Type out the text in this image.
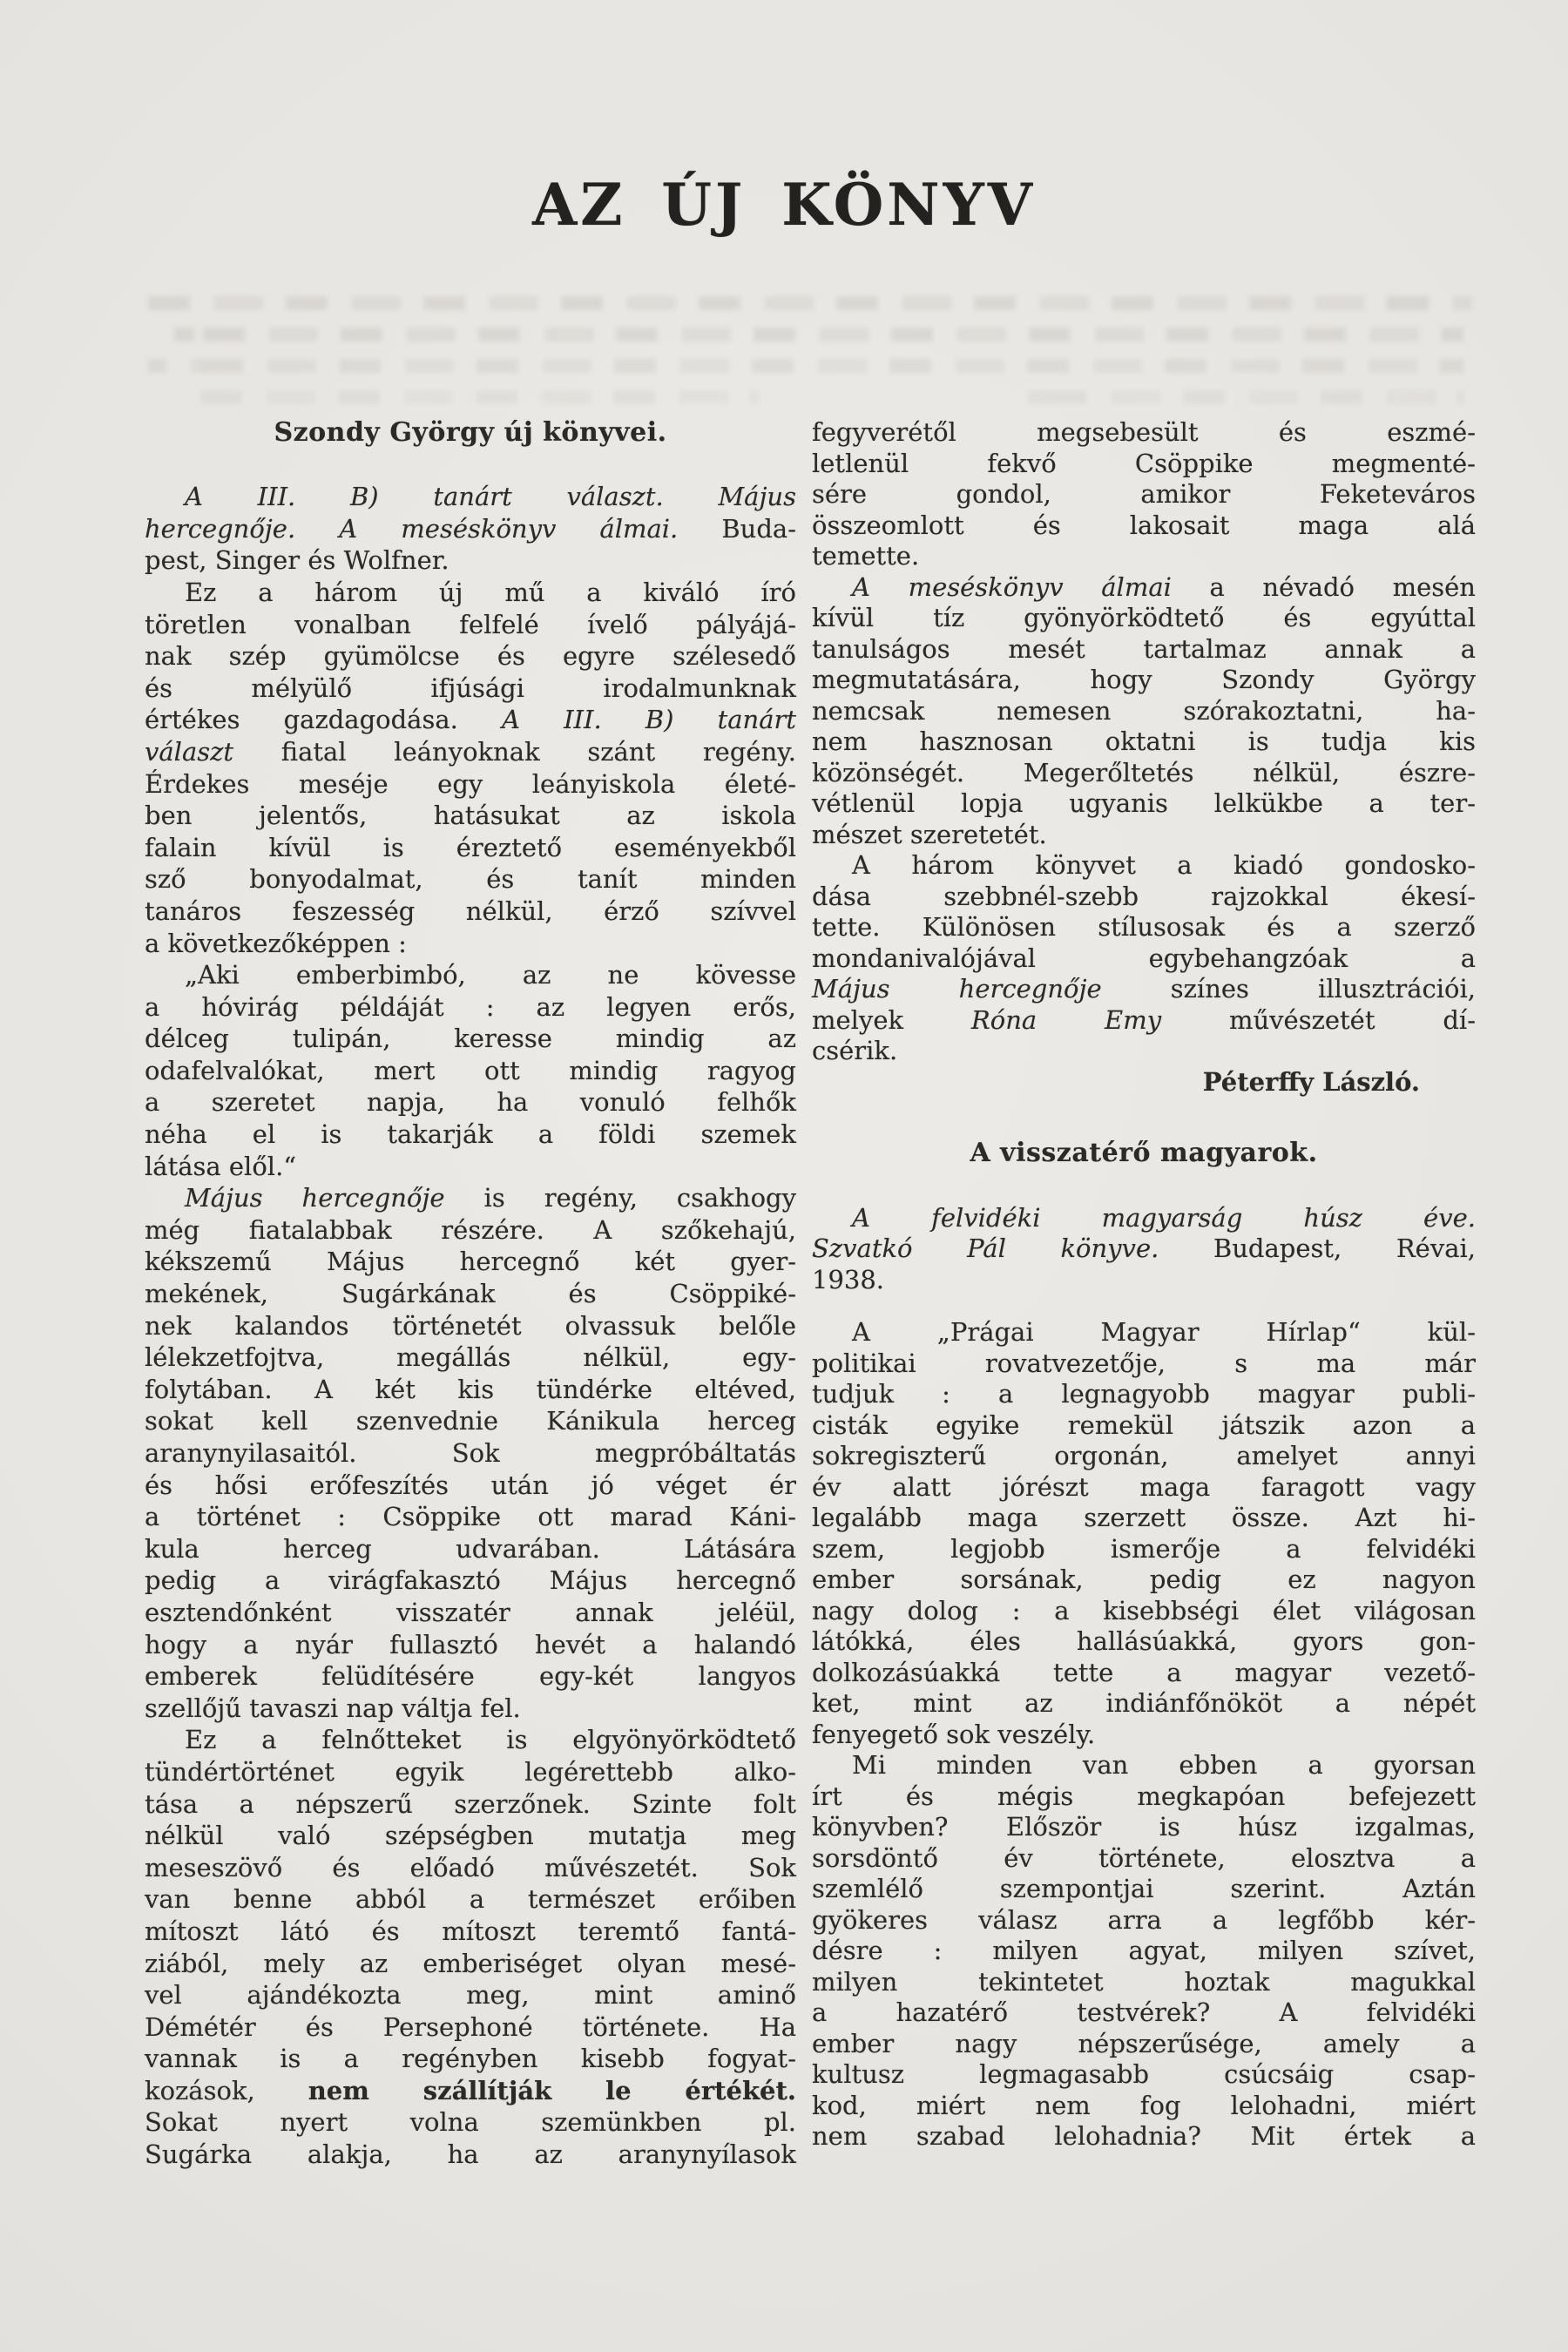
AZ ÚJ KÖNYV
Szondy György új könyvei.
A III. B) tanárt választ. Május
hercegnője. A meséskönyv álmai. Buda-
pest, Singer és Wolfner.
Ez a három új mű a kiváló író
töretlen vonalban felfelé ívelő pályájá-
nak szép gyümölcse és egyre szélesedő
és mélyülő ifjúsági irodalmunknak
értékes gazdagodása. A III. B) tanárt
választ fiatal leányoknak szánt regény.
Érdekes meséje egy leányiskola életé-
ben jelentős, hatásukat az iskola
falain kívül is éreztető eseményekből
sző bonyodalmat, és tanít minden
tanáros feszesség nélkül, érző szívvel
a következőképpen :
„Aki emberbimbó, az ne kövesse
a hóvirág példáját : az legyen erős,
délceg tulipán, keresse mindig az
odafelvalókat, mert ott mindig ragyog
a szeretet napja, ha vonuló felhők
néha el is takarják a földi szemek
látása elől.“
Május hercegnője is regény, csakhogy
még fiatalabbak részére. A szőkehajú,
kékszemű Május hercegnő két gyer-
mekének, Sugárkának és Csöppiké-
nek kalandos történetét olvassuk belőle
lélekzetfojtva, megállás nélkül, egy-
folytában. A két kis tündérke eltéved,
sokat kell szenvednie Kánikula herceg
aranynyilasaitól. Sok megpróbáltatás
és hősi erőfeszítés után jó véget ér
a történet : Csöppike ott marad Káni-
kula herceg udvarában. Látására
pedig a virágfakasztó Május hercegnő
esztendőnként visszatér annak jeléül,
hogy a nyár fullasztó hevét a halandó
emberek felüdítésére egy-két langyos
szellőjű tavaszi nap váltja fel.
Ez a felnőtteket is elgyönyörködtető
tündértörténet egyik legérettebb alko-
tása a népszerű szerzőnek. Szinte folt
nélkül való szépségben mutatja meg
meseszövő és előadó művészetét. Sok
van benne abból a természet erőiben
mítoszt látó és mítoszt teremtő fantá-
ziából, mely az emberiséget olyan mesé-
vel ajándékozta meg, mint aminő
Démétér és Persephoné története. Ha
vannak is a regényben kisebb fogyat-
kozások, nem szállítják le értékét.
Sokat nyert volna szemünkben pl.
Sugárka alakja, ha az aranynyílasok
fegyverétől megsebesült és eszmé-
letlenül fekvő Csöppike megmenté-
sére gondol, amikor Feketeváros
összeomlott és lakosait maga alá
temette.
A meséskönyv álmai a névadó mesén
kívül tíz gyönyörködtető és egyúttal
tanulságos mesét tartalmaz annak a
megmutatására, hogy Szondy György
nemcsak nemesen szórakoztatni, ha-
nem hasznosan oktatni is tudja kis
közönségét. Megerőltetés nélkül, észre-
vétlenül lopja ugyanis lelkükbe a ter-
mészet szeretetét.
A három könyvet a kiadó gondosko-
dása szebbnél-szebb rajzokkal ékesí-
tette. Különösen stílusosak és a szerző
mondanivalójával egybehangzóak a
Május hercegnője színes illusztrációi,
melyek Róna Emy művészetét dí-
csérik.
Péterffy László.
A visszatérő magyarok.
A felvidéki magyarság húsz éve.
Szvatkó Pál könyve. Budapest, Révai,
1938.
A „Prágai Magyar Hírlap“ kül-
politikai rovatvezetője, s ma már
tudjuk : a legnagyobb magyar publi-
cisták egyike remekül játszik azon a
sokregiszterű orgonán, amelyet annyi
év alatt jórészt maga faragott vagy
legalább maga szerzett össze. Azt hi-
szem, legjobb ismerője a felvidéki
ember sorsának, pedig ez nagyon
nagy dolog : a kisebbségi élet világosan
látókká, éles hallásúakká, gyors gon-
dolkozásúakká tette a magyar vezető-
ket, mint az indiánfőnököt a népét
fenyegető sok veszély.
Mi minden van ebben a gyorsan
írt és mégis megkapóan befejezett
könyvben? Először is húsz izgalmas,
sorsdöntő év története, elosztva a
szemlélő szempontjai szerint. Aztán
gyökeres válasz arra a legfőbb kér-
désre : milyen agyat, milyen szívet,
milyen tekintetet hoztak magukkal
a hazatérő testvérek? A felvidéki
ember nagy népszerűsége, amely a
kultusz legmagasabb csúcsáig csap-
kod, miért nem fog lelohadni, miért
nem szabad lelohadnia? Mit értek a
